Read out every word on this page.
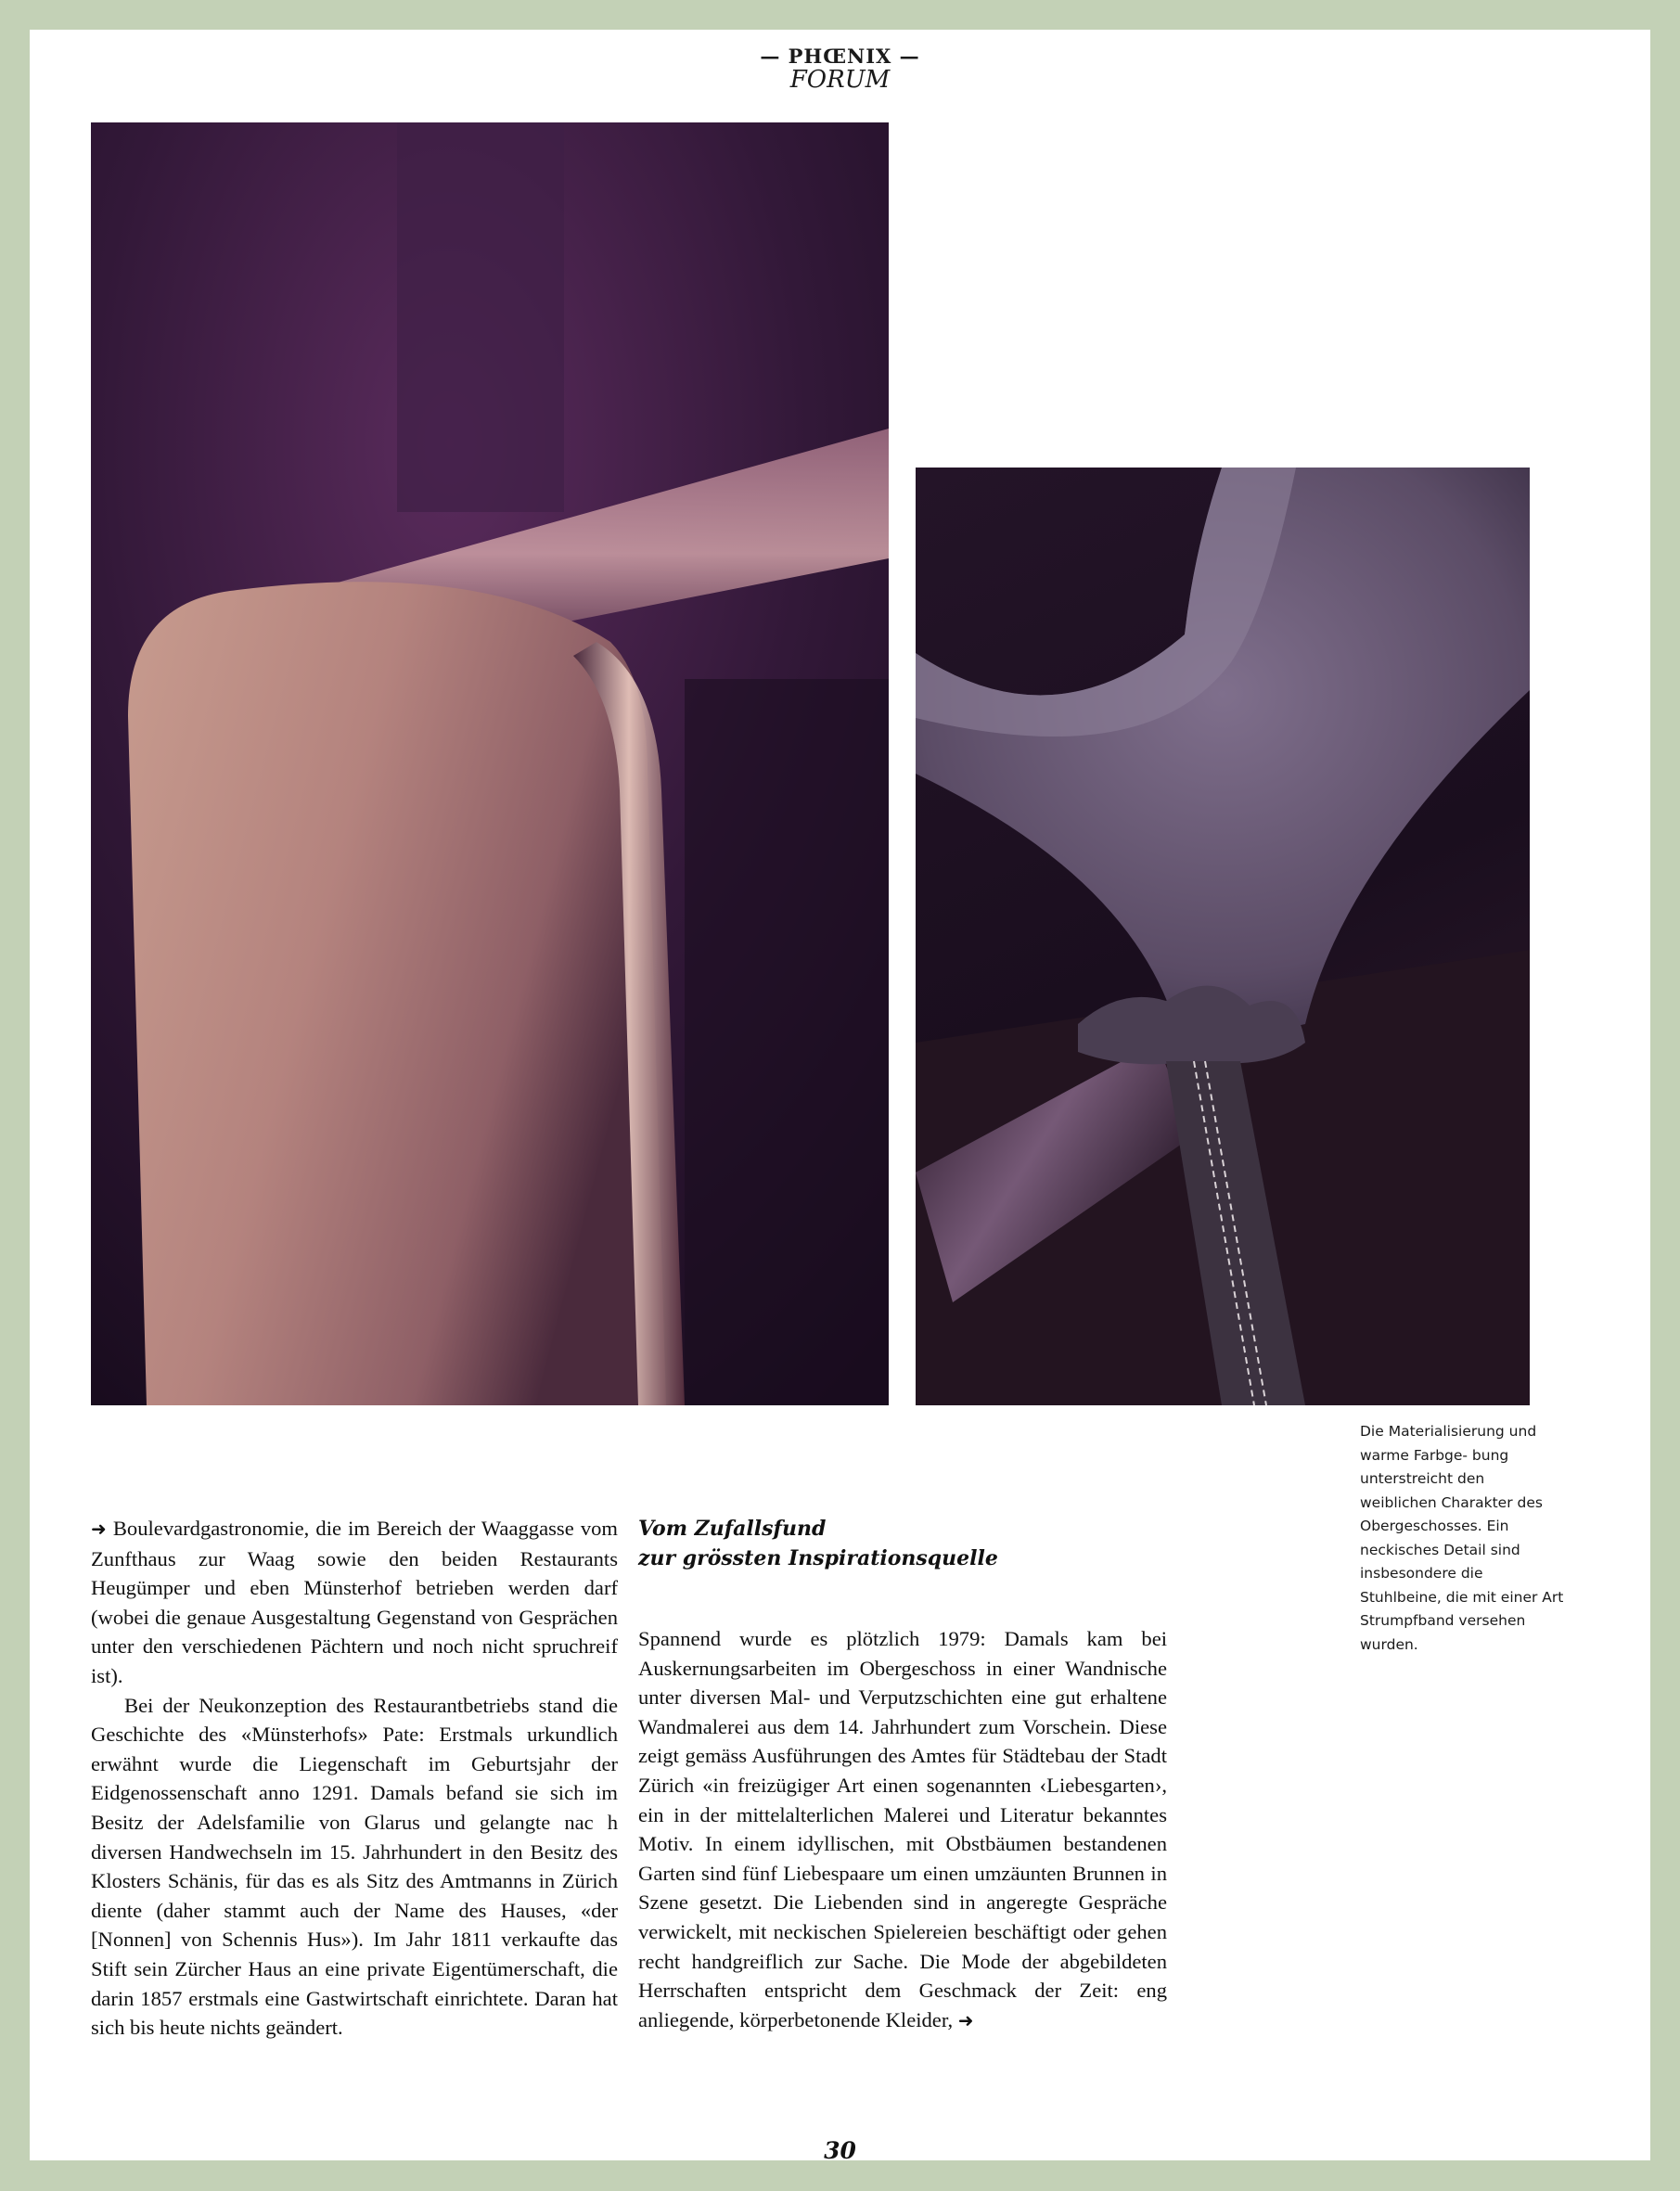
— PHŒNIX —
FORUM

Die Materialisierung und warme Farbge- bung unterstreicht den weiblichen Charakter des Obergeschosses. Ein neckisches Detail sind insbesondere die Stuhlbeine, die mit einer Art Strumpfband versehen wurden.

➜ Boulevardgastronomie, die im Bereich der Waaggasse vom Zunfthaus zur Waag sowie den beiden Restaurants Heugümper und eben Münsterhof betrieben werden darf (wobei die genaue Ausgestaltung Gegenstand von Gesprächen unter den verschiedenen Pächtern und noch nicht spruchreif ist).

Bei der Neukonzeption des Restaurantbetriebs stand die Geschichte des «Münsterhofs» Pate: Erstmals urkundlich erwähnt wurde die Liegenschaft im Geburtsjahr der Eidgenossenschaft anno 1291. Damals befand sie sich im Besitz der Adelsfamilie von Glarus und gelangte nac h diversen Handwechseln im 15. Jahrhundert in den Besitz des Klosters Schänis, für das es als Sitz des Amtmanns in Zürich diente (daher stammt auch der Name des Hauses, «der [Nonnen] von Schennis Hus»). Im Jahr 1811 verkaufte das Stift sein Zürcher Haus an eine private Eigentümerschaft, die darin 1857 erstmals eine Gastwirtschaft einrichtete. Daran hat sich bis heute nichts geändert.

Vom Zufallsfund
zur grössten Inspirationsquelle

Spannend wurde es plötzlich 1979: Damals kam bei Auskernungsarbeiten im Obergeschoss in einer Wandnische unter diversen Mal- und Verputzschichten eine gut erhaltene Wandmalerei aus dem 14. Jahrhundert zum Vorschein. Diese zeigt gemäss Ausführungen des Amtes für Städtebau der Stadt Zürich «in freizügiger Art einen sogenannten ‹Liebesgarten›, ein in der mittelalterlichen Malerei und Literatur bekanntes Motiv. In einem idyllischen, mit Obstbäumen bestandenen Garten sind fünf Liebespaare um einen umzäunten Brunnen in Szene gesetzt. Die Liebenden sind in angeregte Gespräche verwickelt, mit neckischen Spielereien beschäftigt oder gehen recht handgreiflich zur Sache. Die Mode der abgebildeten Herrschaften entspricht dem Geschmack der Zeit: eng anliegende, körperbetonende Kleider, ➜

30
